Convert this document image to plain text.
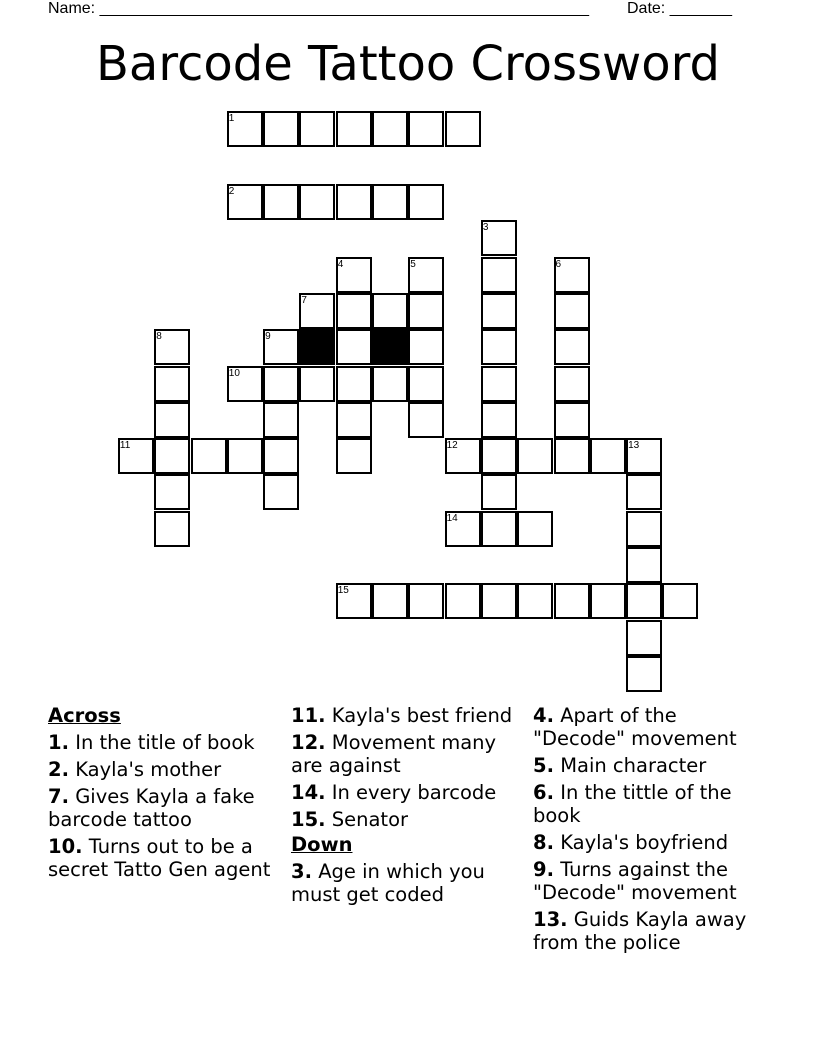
Name: _______________________________________________________ Date: _______
Barcode Tattoo Crossword
1
2
3
4	5	6
7
8	9
10
11	12	13
14
15
Across
1. In the title of book
2. Kayla's mother
7. Gives Kayla a fake barcode tattoo
10. Turns out to be a secret Tatto Gen agent
11. Kayla's best friend
12. Movement many are against
14. In every barcode
15. Senator
Down
3. Age in which you must get coded
4. Apart of the "Decode" movement
5. Main character
6. In the tittle of the book
8. Kayla's boyfriend
9. Turns against the "Decode" movement
13. Guids Kayla away from the police
